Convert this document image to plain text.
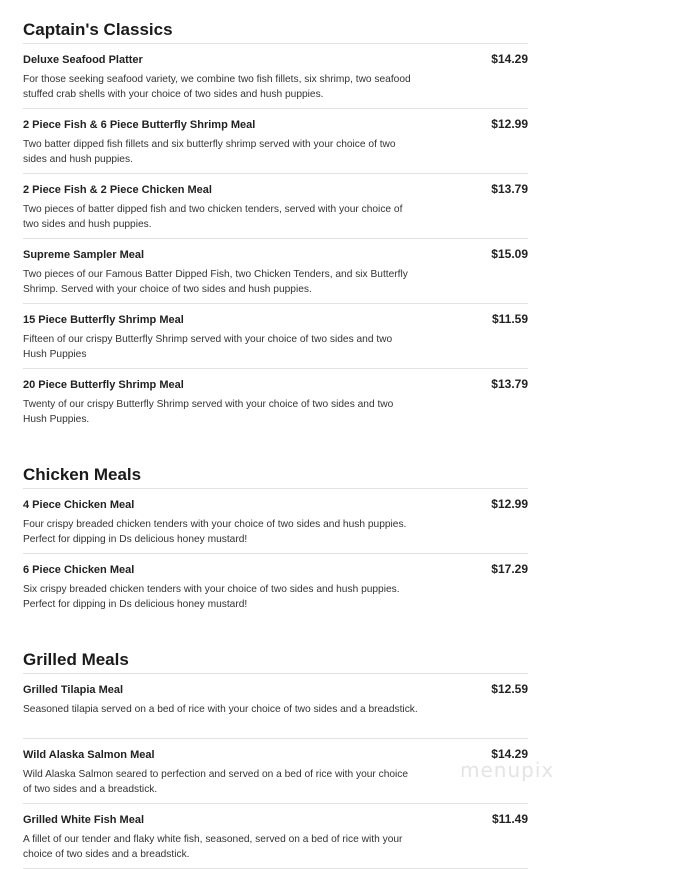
Captain's Classics
Deluxe Seafood Platter	$14.29
For those seeking seafood variety, we combine two fish fillets, six shrimp, two seafood stuffed crab shells with your choice of two sides and hush puppies.
2 Piece Fish & 6 Piece Butterfly Shrimp Meal	$12.99
Two batter dipped fish fillets and six butterfly shrimp served with your choice of two sides and hush puppies.
2 Piece Fish & 2 Piece Chicken Meal	$13.79
Two pieces of batter dipped fish and two chicken tenders, served with your choice of two sides and hush puppies.
Supreme Sampler Meal	$15.09
Two pieces of our Famous Batter Dipped Fish, two Chicken Tenders, and six Butterfly Shrimp. Served with your choice of two sides and hush puppies.
15 Piece Butterfly Shrimp Meal	$11.59
Fifteen of our crispy Butterfly Shrimp served with your choice of two sides and two Hush Puppies
20 Piece Butterfly Shrimp Meal	$13.79
Twenty of our crispy Butterfly Shrimp served with your choice of two sides and two Hush Puppies.
Chicken Meals
4 Piece Chicken Meal	$12.99
Four crispy breaded chicken tenders with your choice of two sides and hush puppies. Perfect for dipping in Ds delicious honey mustard!
6 Piece Chicken Meal	$17.29
Six crispy breaded chicken tenders with your choice of two sides and hush puppies. Perfect for dipping in Ds delicious honey mustard!
Grilled Meals
Grilled Tilapia Meal	$12.59
Seasoned tilapia served on a bed of rice with your choice of two sides and a breadstick.
Wild Alaska Salmon Meal	$14.29
Wild Alaska Salmon seared to perfection and served on a bed of rice with your choice of two sides and a breadstick.
Grilled White Fish Meal	$11.49
A fillet of our tender and flaky white fish, seasoned, served on a bed of rice with your choice of two sides and a breadstick.
menupix
